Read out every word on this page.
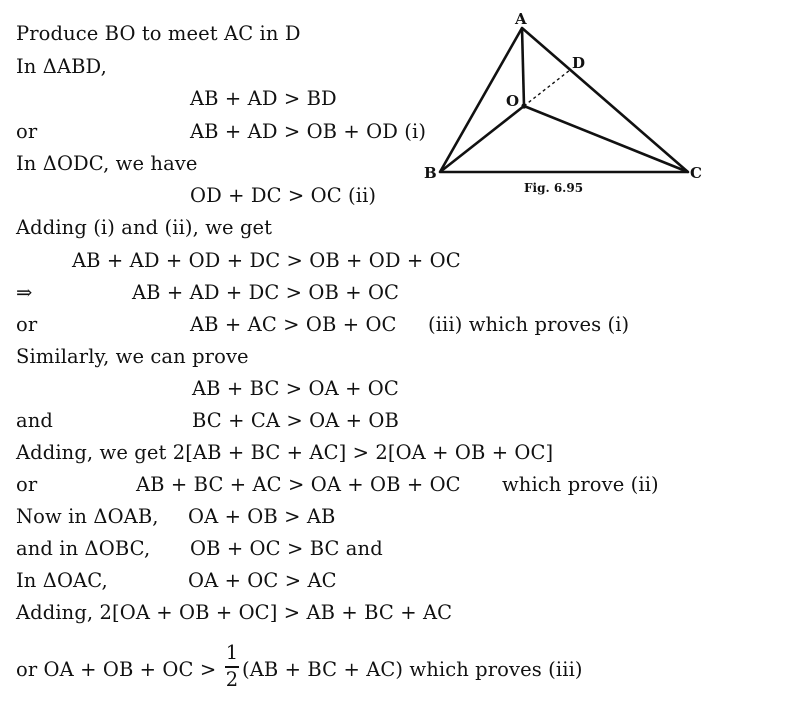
Produce BO to meet AC in D
In ΔABD,
AB + AD > BD
or	AB + AD > OB + OD (i)
In ΔODC, we have
OD + DC > OC (ii)
Adding (i) and (ii), we get
AB + AD + OD + DC > OB + OD + OC
⇒	AB + AD + DC > OB + OC
or	AB + AC > OB + OC (iii) which proves (i)
Similarly, we can prove
AB + BC > OA + OC
and	BC + CA > OA + OB
Adding, we get 2[AB + BC + AC] > 2[OA + OB + OC]
or	AB + BC + AC > OA + OB + OC which prove (ii)
Now in ΔOAB, OA + OB > AB
and in ΔOBC, OB + OC > BC and
In ΔOAC,	OA + OC > AC
Adding, 2[OA + OB + OC] > AB + BC + AC
or OA + OB + OC >
1
2 (AB + BC + AC) which proves (iii)
A
D
O
B	C
Fig. 6.95
